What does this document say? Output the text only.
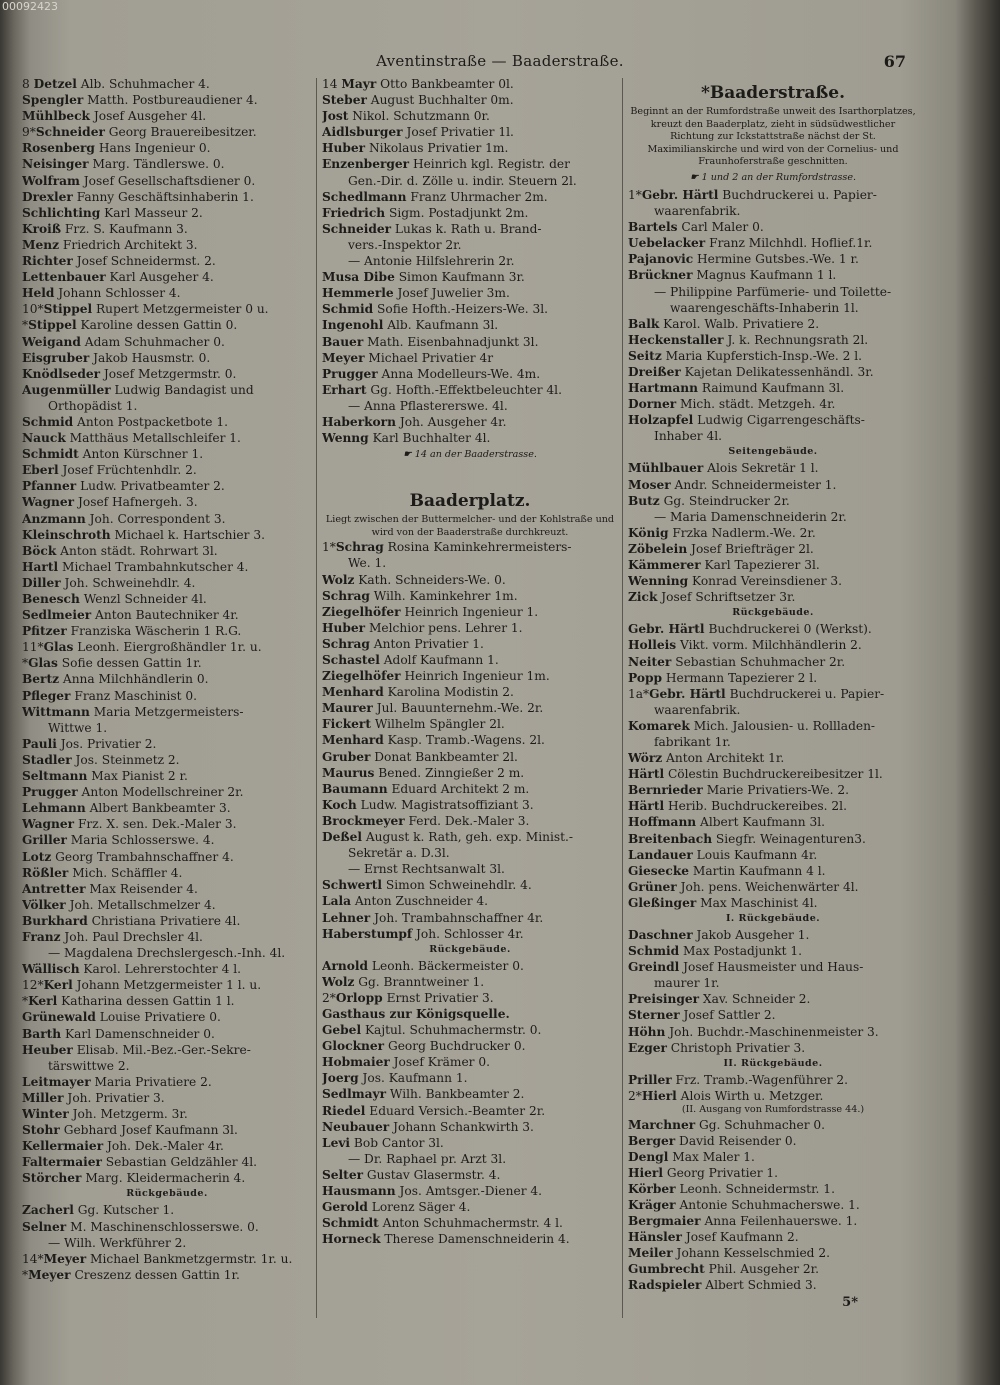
00092423
Aventinstraße — Baaderstraße.	67
8 Detzel Alb. Schuhmacher 4.
Spengler Matth. Postbureaudiener 4.
Mühlbeck Josef Ausgeher 4l.
9*Schneider Georg Brauereibesitzer.
Rosenberg Hans Ingenieur 0.
Neisinger Marg. Tändlerswe. 0.
Wolfram Josef Gesellschaftsdiener 0.
Drexler Fanny Geschäftsinhaberin 1.
Schlichting Karl Masseur 2.
Kroiß Frz. S. Kaufmann 3.
Menz Friedrich Architekt 3.
Richter Josef Schneidermst. 2.
Lettenbauer Karl Ausgeher 4.
Held Johann Schlosser 4.
10*Stippel Rupert Metzgermeister 0 u.
*Stippel Karoline dessen Gattin 0.
Weigand Adam Schuhmacher 0.
Eisgruber Jakob Hausmstr. 0.
Knödlseder Josef Metzgermstr. 0.
Augenmüller Ludwig Bandagist und
Orthopädist 1.
Schmid Anton Postpacketbote 1.
Nauck Matthäus Metallschleifer 1.
Schmidt Anton Kürschner 1.
Eberl Josef Früchtenhdlr. 2.
Pfanner Ludw. Privatbeamter 2.
Wagner Josef Hafnergeh. 3.
Anzmann Joh. Correspondent 3.
Kleinschroth Michael k. Hartschier 3.
Böck Anton städt. Rohrwart 3l.
Hartl Michael Trambahnkutscher 4.
Diller Joh. Schweinehdlr. 4.
Benesch Wenzl Schneider 4l.
Sedlmeier Anton Bautechniker 4r.
Pfitzer Franziska Wäscherin 1 R.G.
11*Glas Leonh. Eiergroßhändler 1r. u.
*Glas Sofie dessen Gattin 1r.
Bertz Anna Milchhändlerin 0.
Pfleger Franz Maschinist 0.
Wittmann Maria Metzgermeisters-
Wittwe 1.
Pauli Jos. Privatier 2.
Stadler Jos. Steinmetz 2.
Seltmann Max Pianist 2 r.
Prugger Anton Modellschreiner 2r.
Lehmann Albert Bankbeamter 3.
Wagner Frz. X. sen. Dek.-Maler 3.
Griller Maria Schlosserswe. 4.
Lotz Georg Trambahnschaffner 4.
Rößler Mich. Schäffler 4.
Antretter Max Reisender 4.
Völker Joh. Metallschmelzer 4.
Burkhard Christiana Privatiere 4l.
Franz Joh. Paul Drechsler 4l.
— Magdalena Drechslergesch.-Inh. 4l.
Wällisch Karol. Lehrerstochter 4 l.
12*Kerl Johann Metzgermeister 1 l. u.
*Kerl Katharina dessen Gattin 1 l.
Grünewald Louise Privatiere 0.
Barth Karl Damenschneider 0.
Heuber Elisab. Mil.-Bez.-Ger.-Sekre-
tärswittwe 2.
Leitmayer Maria Privatiere 2.
Miller Joh. Privatier 3.
Winter Joh. Metzgerm. 3r.
Stohr Gebhard Josef Kaufmann 3l.
Kellermaier Joh. Dek.-Maler 4r.
Faltermaier Sebastian Geldzähler 4l.
Störcher Marg. Kleidermacherin 4.
Rückgebäude.
Zacherl Gg. Kutscher 1.
Selner M. Maschinenschlosserswe. 0.
— Wilh. Werkführer 2.
14*Meyer Michael Bankmetzgermstr. 1r. u.
*Meyer Creszenz dessen Gattin 1r.
14 Mayr Otto Bankbeamter 0l.
Steber August Buchhalter 0m.
Jost Nikol. Schutzmann 0r.
Aidlsburger Josef Privatier 1l.
Huber Nikolaus Privatier 1m.
Enzenberger Heinrich kgl. Registr. der
Gen.-Dir. d. Zölle u. indir. Steuern 2l.
Schedlmann Franz Uhrmacher 2m.
Friedrich Sigm. Postadjunkt 2m.
Schneider Lukas k. Rath u. Brand-
vers.-Inspektor 2r.
— Antonie Hilfslehrerin 2r.
Musa Dibe Simon Kaufmann 3r.
Hemmerle Josef Juwelier 3m.
Schmid Sofie Hofth.-Heizers-We. 3l.
Ingenohl Alb. Kaufmann 3l.
Bauer Math. Eisenbahnadjunkt 3l.
Meyer Michael Privatier 4r
Prugger Anna Modelleurs-We. 4m.
Erhart Gg. Hofth.-Effektbeleuchter 4l.
— Anna Pflastererswe. 4l.
Haberkorn Joh. Ausgeher 4r.
Wenng Karl Buchhalter 4l.
☛ 14 an der Baaderstrasse.
Baaderplatz.
Liegt zwischen der Buttermelcher- und der Kohlstraße und wird von der Baaderstraße durchkreuzt.
1*Schrag Rosina Kaminkehrermeisters-
We. 1.
Wolz Kath. Schneiders-We. 0.
Schrag Wilh. Kaminkehrer 1m.
Ziegelhöfer Heinrich Ingenieur 1.
Huber Melchior pens. Lehrer 1.
Schrag Anton Privatier 1.
Schastel Adolf Kaufmann 1.
Ziegelhöfer Heinrich Ingenieur 1m.
Menhard Karolina Modistin 2.
Maurer Jul. Bauunternehm.-We. 2r.
Fickert Wilhelm Spängler 2l.
Menhard Kasp. Tramb.-Wagens. 2l.
Gruber Donat Bankbeamter 2l.
Maurus Bened. Zinngießer 2 m.
Baumann Eduard Architekt 2 m.
Koch Ludw. Magistratsoffiziant 3.
Brockmeyer Ferd. Dek.-Maler 3.
Deßel August k. Rath, geh. exp. Minist.-
Sekretär a. D.3l.
— Ernst Rechtsanwalt 3l.
Schwertl Simon Schweinehdlr. 4.
Lala Anton Zuschneider 4.
Lehner Joh. Trambahnschaffner 4r.
Haberstumpf Joh. Schlosser 4r.
Rückgebäude.
Arnold Leonh. Bäckermeister 0.
Wolz Gg. Branntweiner 1.
2*Orlopp Ernst Privatier 3.
Gasthaus zur Königsquelle.
Gebel Kajtul. Schuhmachermstr. 0.
Glockner Georg Buchdrucker 0.
Hobmaier Josef Krämer 0.
Joerg Jos. Kaufmann 1.
Sedlmayr Wilh. Bankbeamter 2.
Riedel Eduard Versich.-Beamter 2r.
Neubauer Johann Schankwirth 3.
Levi Bob Cantor 3l.
— Dr. Raphael pr. Arzt 3l.
Selter Gustav Glasermstr. 4.
Hausmann Jos. Amtsger.-Diener 4.
Gerold Lorenz Säger 4.
Schmidt Anton Schuhmachermstr. 4 l.
Horneck Therese Damenschneiderin 4.
*Baaderstraße.
Beginnt an der Rumfordstraße unweit des Isarthorplatzes, kreuzt den Baaderplatz, zieht in südsüdwestlicher Richtung zur Ickstattstraße nächst der St. Maximilianskirche und wird von der Cornelius- und Fraunhoferstraße geschnitten.
☛ 1 und 2 an der Rumfordstrasse.
1*Gebr. Härtl Buchdruckerei u. Papier-
waarenfabrik.
Bartels Carl Maler 0.
Uebelacker Franz Milchhdl. Hoflief.1r.
Pajanovic Hermine Gutsbes.-We. 1 r.
Brückner Magnus Kaufmann 1 l.
— Philippine Parfümerie- und Toilette-
waarengeschäfts-Inhaberin 1l.
Balk Karol. Walb. Privatiere 2.
Heckenstaller J. k. Rechnungsrath 2l.
Seitz Maria Kupferstich-Insp.-We. 2 l.
Dreißer Kajetan Delikatessenhändl. 3r.
Hartmann Raimund Kaufmann 3l.
Dorner Mich. städt. Metzgeh. 4r.
Holzapfel Ludwig Cigarrengeschäfts-
Inhaber 4l.
Seitengebäude.
Mühlbauer Alois Sekretär 1 l.
Moser Andr. Schneidermeister 1.
Butz Gg. Steindrucker 2r.
— Maria Damenschneiderin 2r.
König Frzka Nadlerm.-We. 2r.
Zöbelein Josef Briefträger 2l.
Kämmerer Karl Tapezierer 3l.
Wenning Konrad Vereinsdiener 3.
Zick Josef Schriftsetzer 3r.
Rückgebäude.
Gebr. Härtl Buchdruckerei 0 (Werkst).
Holleis Vikt. vorm. Milchhändlerin 2.
Neiter Sebastian Schuhmacher 2r.
Popp Hermann Tapezierer 2 l.
1a*Gebr. Härtl Buchdruckerei u. Papier-
waarenfabrik.
Komarek Mich. Jalousien- u. Rollladen-
fabrikant 1r.
Wörz Anton Architekt 1r.
Härtl Cölestin Buchdruckereibesitzer 1l.
Bernrieder Marie Privatiers-We. 2.
Härtl Herib. Buchdruckereibes. 2l.
Hoffmann Albert Kaufmann 3l.
Breitenbach Siegfr. Weinagenturen3.
Landauer Louis Kaufmann 4r.
Giesecke Martin Kaufmann 4 l.
Grüner Joh. pens. Weichenwärter 4l.
Gleßinger Max Maschinist 4l.
I. Rückgebäude.
Daschner Jakob Ausgeher 1.
Schmid Max Postadjunkt 1.
Greindl Josef Hausmeister und Haus-
maurer 1r.
Preisinger Xav. Schneider 2.
Sterner Josef Sattler 2.
Höhn Joh. Buchdr.-Maschinenmeister 3.
Ezger Christoph Privatier 3.
II. Rückgebäude.
Priller Frz. Tramb.-Wagenführer 2.
2*Hierl Alois Wirth u. Metzger.
(II. Ausgang von Rumfordstrasse 44.)
Marchner Gg. Schuhmacher 0.
Berger David Reisender 0.
Dengl Max Maler 1.
Hierl Georg Privatier 1.
Körber Leonh. Schneidermstr. 1.
Kräger Antonie Schuhmacherswe. 1.
Bergmaier Anna Feilenhauerswe. 1.
Hänsler Josef Kaufmann 2.
Meiler Johann Kesselschmied 2.
Gumbrecht Phil. Ausgeher 2r.
Radspieler Albert Schmied 3.
5*
